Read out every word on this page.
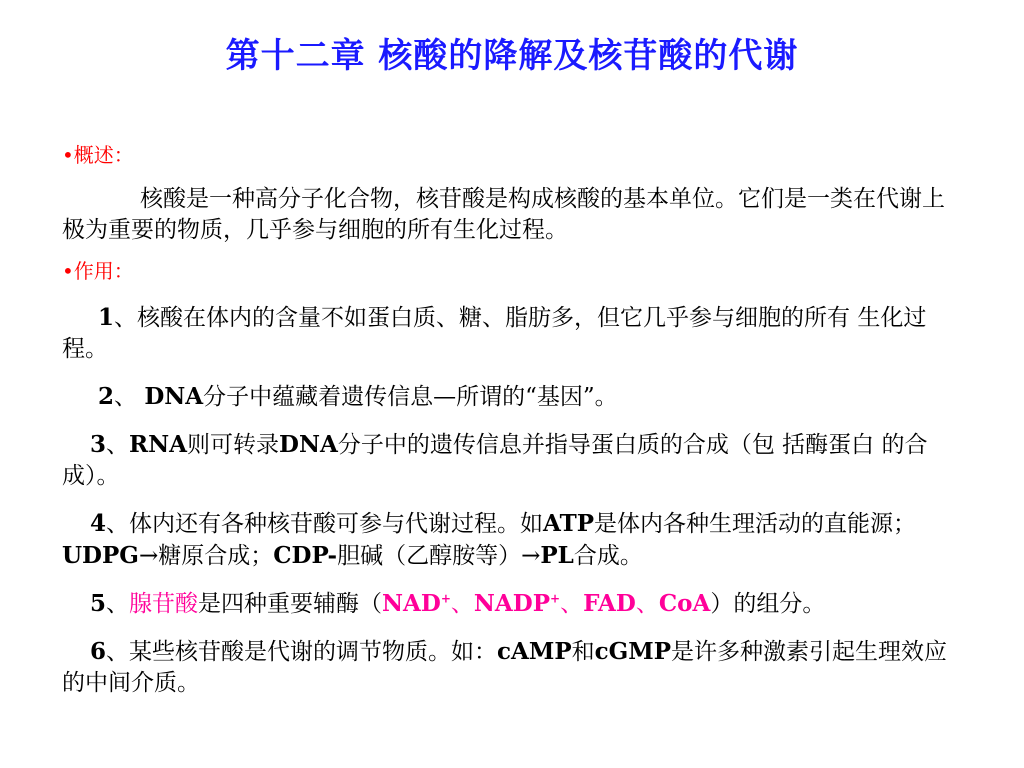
第十二章 核酸的降解及核苷酸的代谢
•概述：

核酸是一种高分子化合物，核苷酸是构成核酸的基本单位。它们是一类在代谢上极为重要的物质，几乎参与细胞的所有生化过程。

•作用：

1、核酸在体内的含量不如蛋白质、糖、脂肪多，但它几乎参与细胞的所有 生化过程。

2、 DNA分子中蕴藏着遗传信息—所谓的“基因”。

3、RNA则可转录DNA分子中的遗传信息并指导蛋白质的合成（包 括酶蛋白 的合成）。

4、体内还有各种核苷酸可参与代谢过程。如ATP是体内各种生理活动的直能源；UDPG→糖原合成；CDP-胆碱（乙醇胺等）→PL合成。

5、腺苷酸是四种重要辅酶（NAD+、NADP+、FAD、CoA）的组分。

6、某些核苷酸是代谢的调节物质。如：cAMP和cGMP是许多种激素引起生理效应的中间介质。
